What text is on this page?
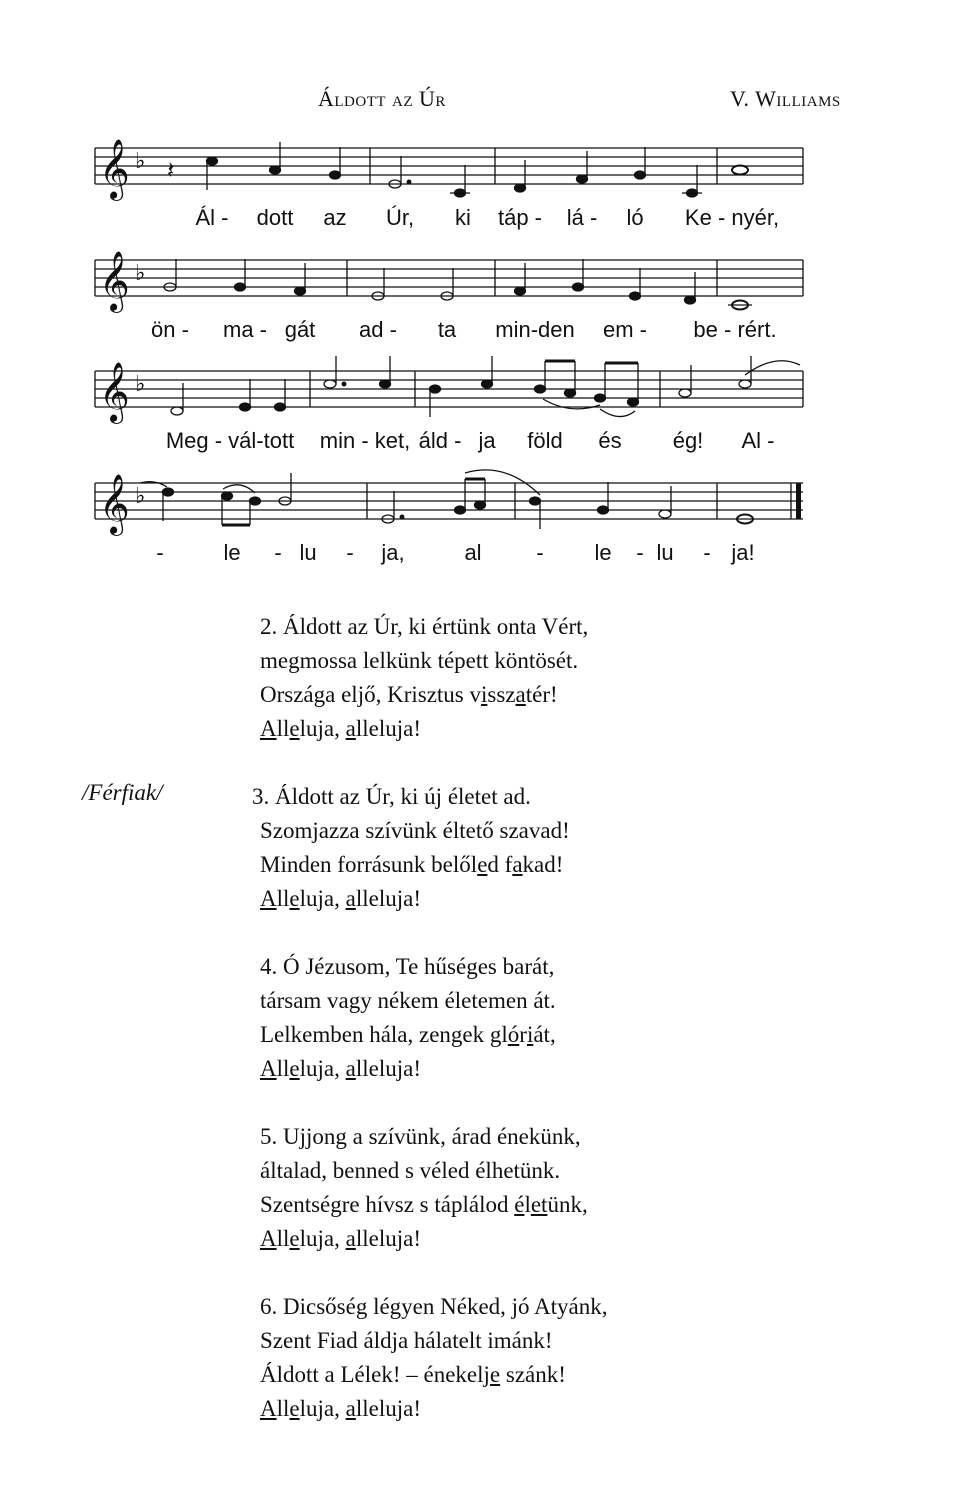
Áldott az Úr	V. Williams
𝄞 ♭ 𝄽
Ál - dott az Úr, ki táp - lá - ló Ke - nyér,
𝄞 ♭
ön - ma - gát ad - ta min-den em - be - rért.
𝄞 ♭
Meg - vál-tott min - ket, áld - ja föld és ég! Al -
𝄞 ♭
-	le - lu - ja,	al - le - lu - ja!
/Férfiak/
2. Áldott az Úr, ki értünk onta Vért,
megmossa lelkünk tépett köntösét.
Országa eljő, Krisztus visszatér!
Alleluja, alleluja!
3. Áldott az Úr, ki új életet ad.
Szomjazza szívünk éltető szavad!
Minden forrásunk belőled fakad!
Alleluja, alleluja!
4. Ó Jézusom, Te hűséges barát,
társam vagy nékem életemen át.
Lelkemben hála, zengek glóriát,
Alleluja, alleluja!
5. Ujjong a szívünk, árad énekünk,
általad, benned s véled élhetünk.
Szentségre hívsz s táplálod életünk,
Alleluja, alleluja!
6. Dicsőség légyen Néked, jó Atyánk,
Szent Fiad áldja hálatelt imánk!
Áldott a Lélek! – énekelje szánk!
Alleluja, alleluja!
